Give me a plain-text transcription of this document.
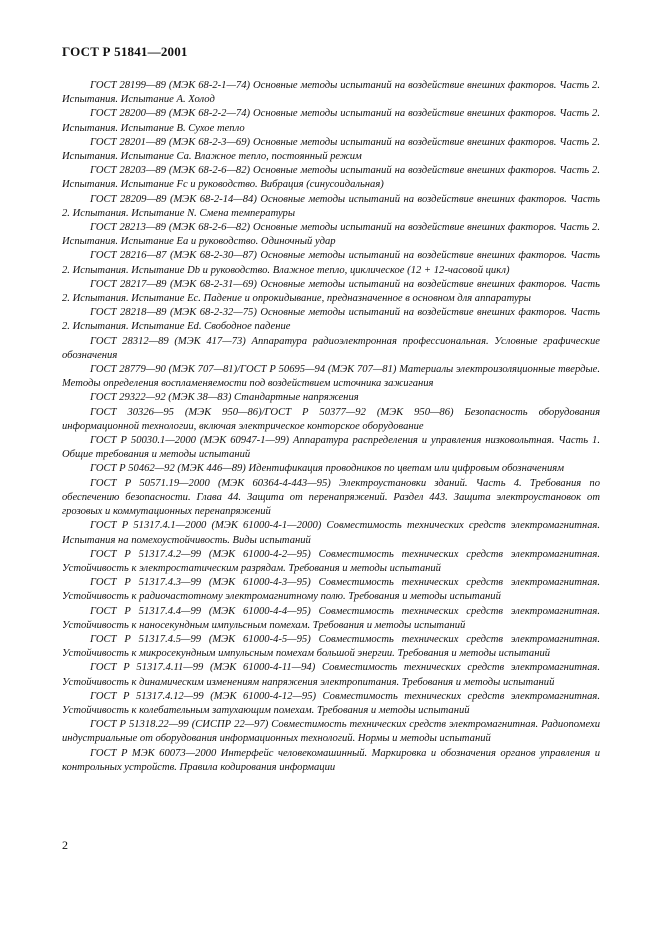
ГОСТ Р 51841—2001

ГОСТ 28199—89 (МЭК 68-2-1—74) Основные методы испытаний на воздействие внешних факторов. Часть 2. Испытания. Испытание А. Холод

ГОСТ 28200—89 (МЭК 68-2-2—74) Основные методы испытаний на воздействие внешних факторов. Часть 2. Испытания. Испытание В. Сухое тепло

ГОСТ 28201—89 (МЭК 68-2-3—69) Основные методы испытаний на воздействие внешних факторов. Часть 2. Испытания. Испытание Са. Влажное тепло, постоянный режим

ГОСТ 28203—89 (МЭК 68-2-6—82) Основные методы испытаний на воздействие внешних факторов. Часть 2. Испытания. Испытание Fc и руководство. Вибрация (синусоидальная)

ГОСТ 28209—89 (МЭК 68-2-14—84) Основные методы испытаний на воздействие внешних факторов. Часть 2. Испытания. Испытание N. Смена температуры

ГОСТ 28213—89 (МЭК 68-2-6—82) Основные методы испытаний на воздействие внешних факторов. Часть 2. Испытания. Испытание Еа и руководство. Одиночный удар

ГОСТ 28216—87 (МЭК 68-2-30—87) Основные методы испытаний на воздействие внешних факторов. Часть 2. Испытания. Испытание Db и руководство. Влажное тепло, циклическое (12 + 12-часовой цикл)

ГОСТ 28217—89 (МЭК 68-2-31—69) Основные методы испытаний на воздействие внешних факторов. Часть 2. Испытания. Испытание Ес. Падение и опрокидывание, предназначенное в основном для аппаратуры

ГОСТ 28218—89 (МЭК 68-2-32—75) Основные методы испытаний на воздействие внешних факторов. Часть 2. Испытания. Испытание Ed. Свободное падение

ГОСТ 28312—89 (МЭК 417—73) Аппаратура радиоэлектронная профессиональная. Условные графические обозначения

ГОСТ 28779—90 (МЭК 707—81)/ГОСТ Р 50695—94 (МЭК 707—81) Материалы электроизоляционные твердые. Методы определения воспламеняемости под воздействием источника зажигания

ГОСТ 29322—92 (МЭК 38—83) Стандартные напряжения

ГОСТ 30326—95 (МЭК 950—86)/ГОСТ Р 50377—92 (МЭК 950—86) Безопасность оборудования информационной технологии, включая электрическое конторское оборудование

ГОСТ Р 50030.1—2000 (МЭК 60947-1—99) Аппаратура распределения и управления низковольтная. Часть 1. Общие требования и методы испытаний

ГОСТ Р 50462—92 (МЭК 446—89) Идентификация проводников по цветам или цифровым обозначениям

ГОСТ Р 50571.19—2000 (МЭК 60364-4-443—95) Электроустановки зданий. Часть 4. Требования по обеспечению безопасности. Глава 44. Защита от перенапряжений. Раздел 443. Защита электроустановок от грозовых и коммутационных перенапряжений

ГОСТ Р 51317.4.1—2000 (МЭК 61000-4-1—2000) Совместимость технических средств электромагнитная. Испытания на помехоустойчивость. Виды испытаний

ГОСТ Р 51317.4.2—99 (МЭК 61000-4-2—95) Совместимость технических средств электромагнитная. Устойчивость к электростатическим разрядам. Требования и методы испытаний

ГОСТ Р 51317.4.3—99 (МЭК 61000-4-3—95) Совместимость технических средств электромагнитная. Устойчивость к радиочастотному электромагнитному полю. Требования и методы испытаний

ГОСТ Р 51317.4.4—99 (МЭК 61000-4-4—95) Совместимость технических средств электромагнитная. Устойчивость к наносекундным импульсным помехам. Требования и методы испытаний

ГОСТ Р 51317.4.5—99 (МЭК 61000-4-5—95) Совместимость технических средств электромагнитная. Устойчивость к микросекундным импульсным помехам большой энергии. Требования и методы испытаний

ГОСТ Р 51317.4.11—99 (МЭК 61000-4-11—94) Совместимость технических средств электромагнитная. Устойчивость к динамическим изменениям напряжения электропитания. Требования и методы испытаний

ГОСТ Р 51317.4.12—99 (МЭК 61000-4-12—95) Совместимость технических средств электромагнитная. Устойчивость к колебательным затухающим помехам. Требования и методы испытаний

ГОСТ Р 51318.22—99 (СИСПР 22—97) Совместимость технических средств электромагнитная. Радиопомехи индустриальные от оборудования информационных технологий. Нормы и методы испытаний

ГОСТ Р МЭК 60073—2000 Интерфейс человекомашинный. Маркировка и обозначения органов управления и контрольных устройств. Правила кодирования информации

2
